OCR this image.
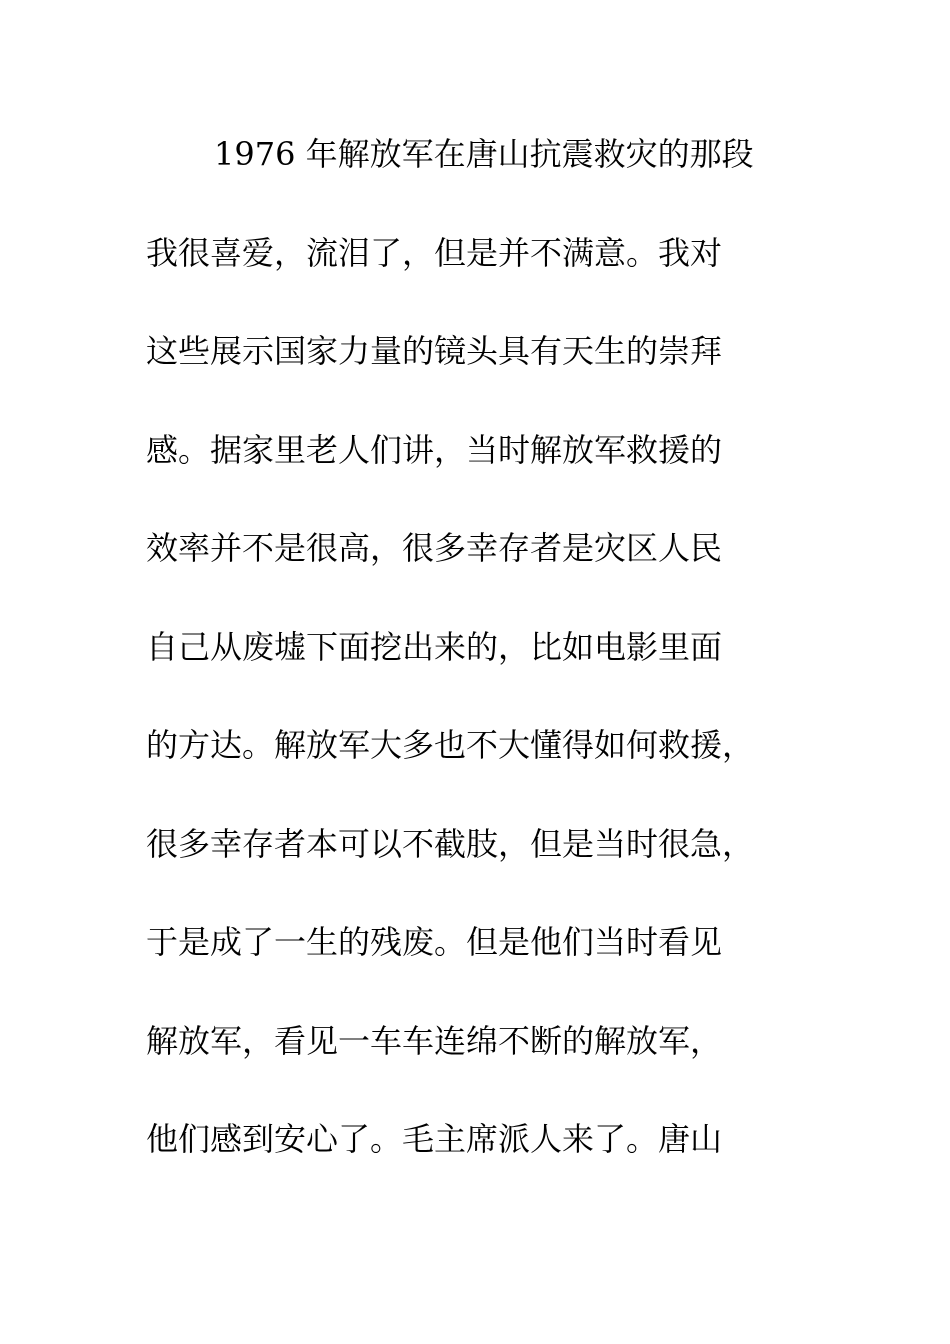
1976 年解放军在唐山抗震救灾的那段
我很喜爱，流泪了，但是并不满意。我对
这些展示国家力量的镜头具有天生的崇拜
感。据家里老人们讲，当时解放军救援的
效率并不是很高，很多幸存者是灾区人民
自己从废墟下面挖出来的，比如电影里面
的方达。解放军大多也不大懂得如何救援，
很多幸存者本可以不截肢，但是当时很急，
于是成了一生的残废。但是他们当时看见
解放军，看见一车车连绵不断的解放军，
他们感到安心了。毛主席派人来了。唐山
